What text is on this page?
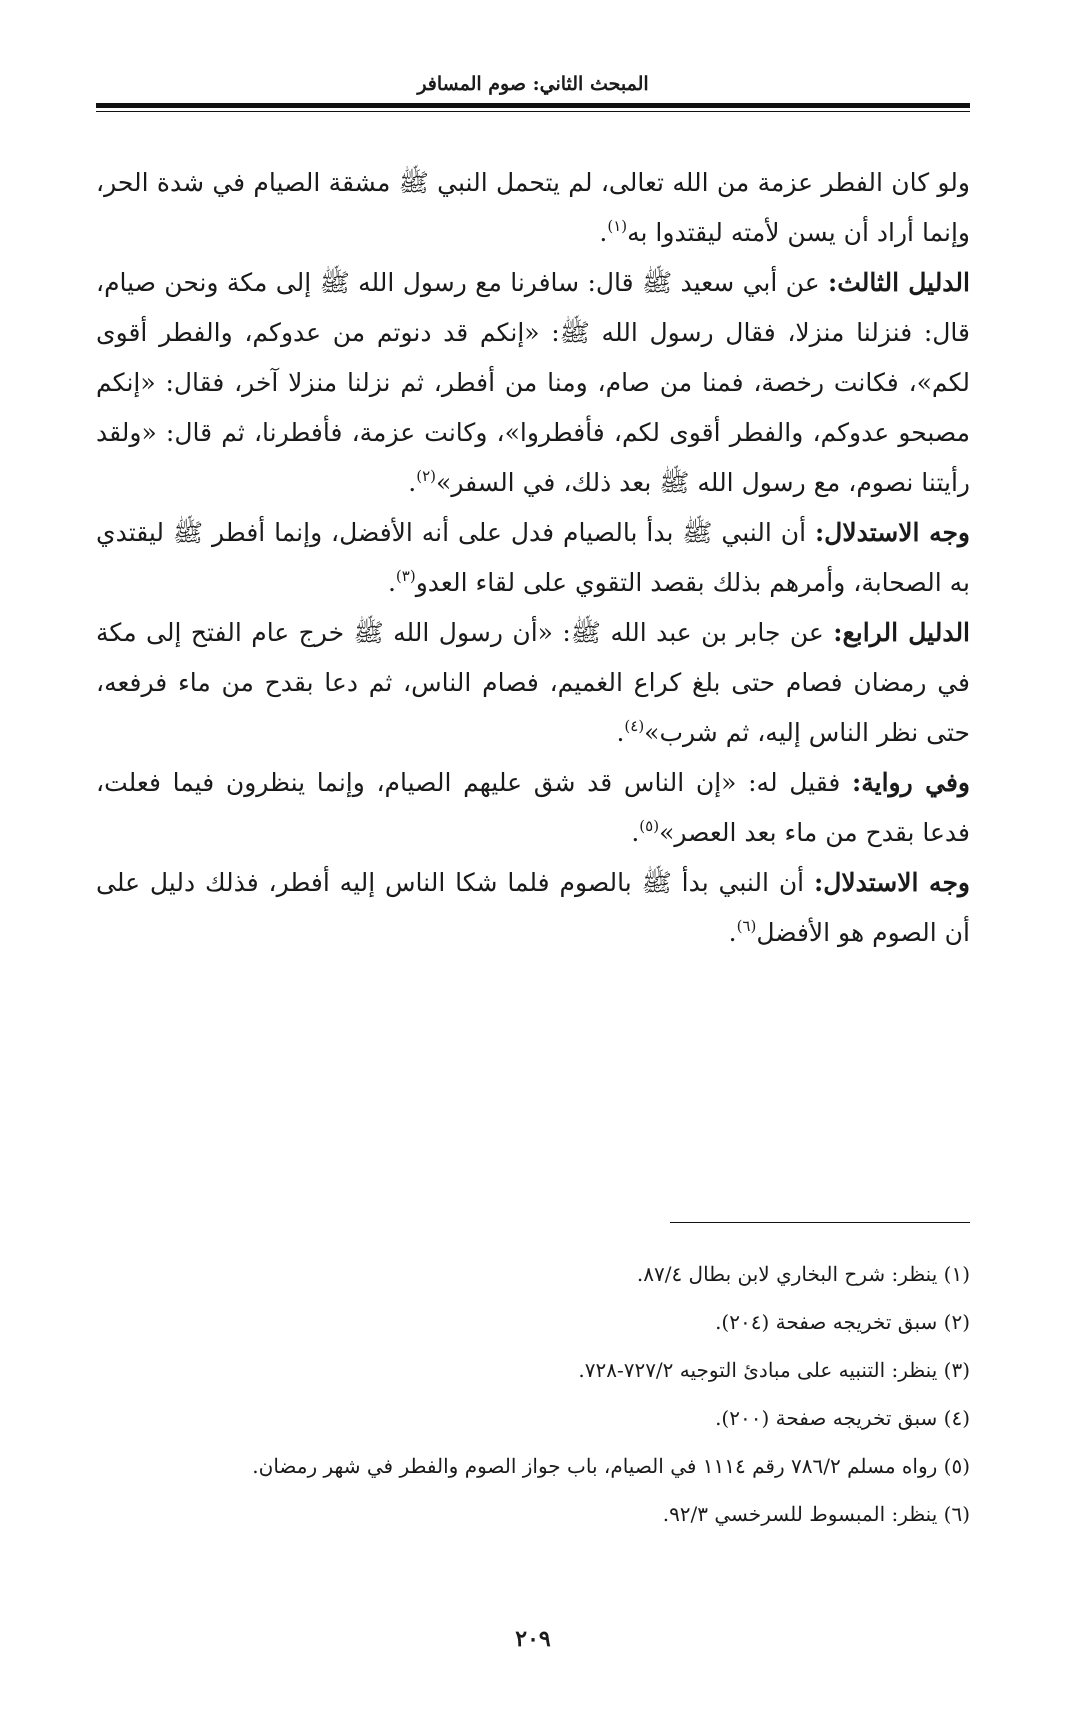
المبحث الثاني: صوم المسافر

ولو كان الفطر عزمة من الله تعالى، لم يتحمل النبي ﷺ مشقة الصيام في شدة الحر، وإنما أراد أن يسن لأمته ليقتدوا به$^{(١)}$.

الدليل الثالث: عن أبي سعيد ﷺ قال: سافرنا مع رسول الله ﷺ إلى مكة ونحن صيام، قال: فنزلنا منزلا، فقال رسول الله ﷺ: «إنكم قد دنوتم من عدوكم، والفطر أقوى لكم»، فكانت رخصة، فمنا من صام، ومنا من أفطر، ثم نزلنا منزلا آخر، فقال: «إنكم مصبحو عدوكم، والفطر أقوى لكم، فأفطروا»، وكانت عزمة، فأفطرنا، ثم قال: «ولقد رأيتنا نصوم، مع رسول الله ﷺ بعد ذلك، في السفر»$^{(٢)}$.

وجه الاستدلال: أن النبي ﷺ بدأ بالصيام فدل على أنه الأفضل، وإنما أفطر ﷺ ليقتدي به الصحابة، وأمرهم بذلك بقصد التقوي على لقاء العدو$^{(٣)}$.

الدليل الرابع: عن جابر بن عبد الله ﷺ: «أن رسول الله ﷺ خرج عام الفتح إلى مكة في رمضان فصام حتى بلغ كراع الغميم، فصام الناس، ثم دعا بقدح من ماء فرفعه، حتى نظر الناس إليه، ثم شرب»$^{(٤)}$.

وفي رواية: فقيل له: «إن الناس قد شق عليهم الصيام، وإنما ينظرون فيما فعلت، فدعا بقدح من ماء بعد العصر»$^{(٥)}$.

وجه الاستدلال: أن النبي بدأ ﷺ بالصوم فلما شكا الناس إليه أفطر، فذلك دليل على أن الصوم هو الأفضل$^{(٦)}$.

(١) ينظر: شرح البخاري لابن بطال ٨٧/٤.
(٢) سبق تخريجه صفحة (٢٠٤).
(٣) ينظر: التنبيه على مبادئ التوجيه ٧٢٧/٢-٧٢٨.
(٤) سبق تخريجه صفحة (٢٠٠).
(٥) رواه مسلم ٧٨٦/٢ رقم ١١١٤ في الصيام، باب جواز الصوم والفطر في شهر رمضان.
(٦) ينظر: المبسوط للسرخسي ٩٢/٣.
٢٠٩
